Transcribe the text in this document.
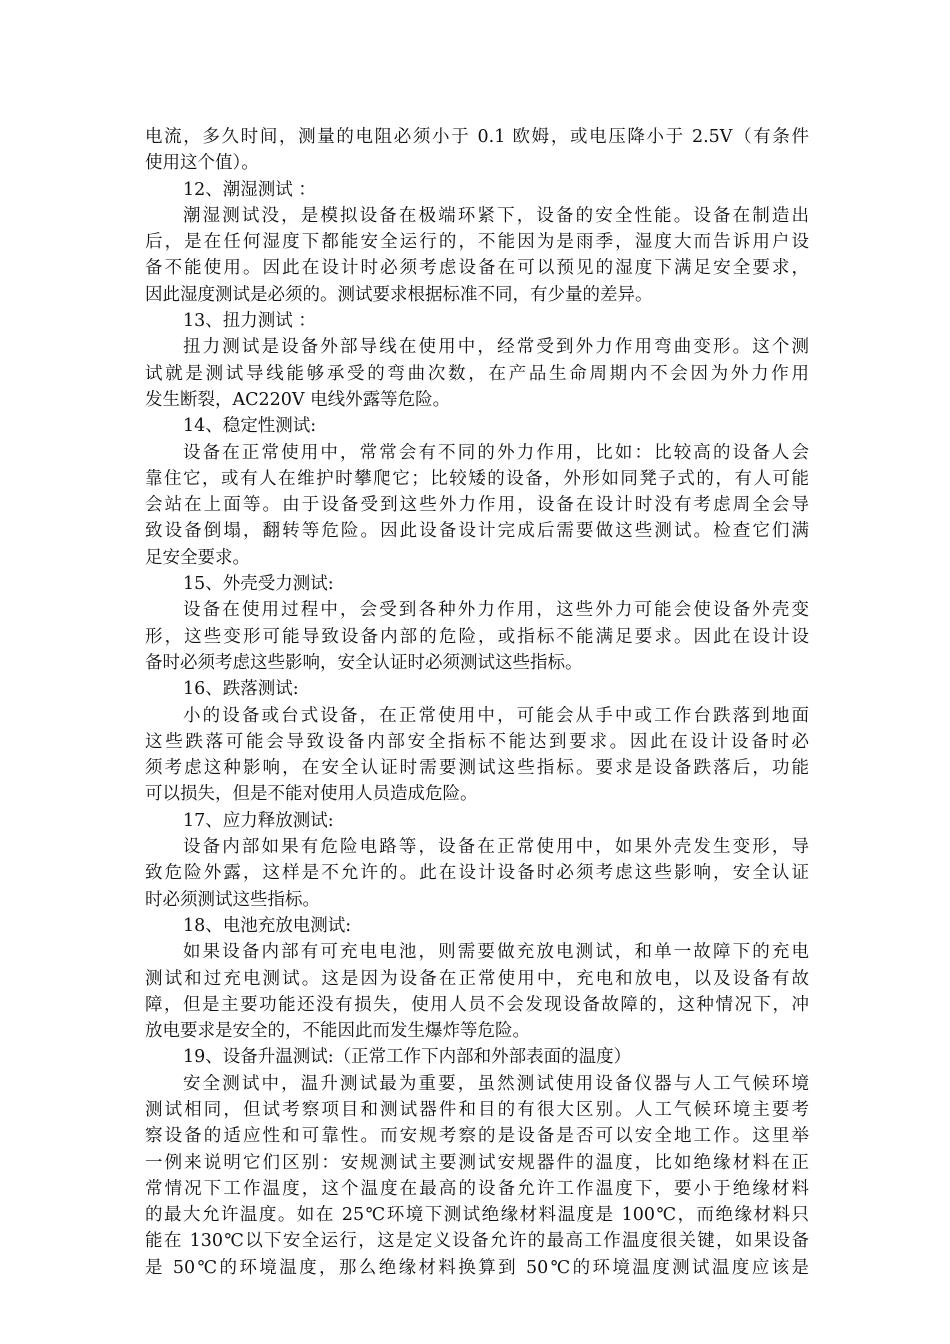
电流，多久时间，测量的电阻必须小于 0.1 欧姆，或电压降小于 2.5V（有条件
使用这个值）。
12、潮湿测试 ：
潮湿测试没，是模拟设备在极端环紧下，设备的安全性能。设备在制造出
后，是在任何湿度下都能安全运行的，不能因为是雨季，湿度大而告诉用户设
备不能使用。因此在设计时必须考虑设备在可以预见的湿度下满足安全要求，
因此湿度测试是必须的。测试要求根据标准不同，有少量的差异。
13、扭力测试 ：
扭力测试是设备外部导线在使用中，经常受到外力作用弯曲变形。这个测
试就是测试导线能够承受的弯曲次数，在产品生命周期内不会因为外力作用
发生断裂，AC220V 电线外露等危险。
14、稳定性测试:
设备在正常使用中，常常会有不同的外力作用，比如：比较高的设备人会
靠住它，或有人在维护时攀爬它；比较矮的设备，外形如同凳子式的，有人可能
会站在上面等。由于设备受到这些外力作用，设备在设计时没有考虑周全会导
致设备倒塌，翻转等危险。因此设备设计完成后需要做这些测试。检查它们满
足安全要求。
15、外壳受力测试:
设备在使用过程中，会受到各种外力作用，这些外力可能会使设备外壳变
形，这些变形可能导致设备内部的危险，或指标不能满足要求。因此在设计设
备时必须考虑这些影响，安全认证时必须测试这些指标。
16、跌落测试:
小的设备或台式设备，在正常使用中，可能会从手中或工作台跌落到地面
这些跌落可能会导致设备内部安全指标不能达到要求。因此在设计设备时必
须考虑这种影响，在安全认证时需要测试这些指标。要求是设备跌落后，功能
可以损失，但是不能对使用人员造成危险。
17、应力释放测试:
设备内部如果有危险电路等，设备在正常使用中，如果外壳发生变形，导
致危险外露，这样是不允许的。此在设计设备时必须考虑这些影响，安全认证
时必须测试这些指标。
18、电池充放电测试:
如果设备内部有可充电电池，则需要做充放电测试，和单一故障下的充电
测试和过充电测试。这是因为设备在正常使用中，充电和放电，以及设备有故
障，但是主要功能还没有损失，使用人员不会发现设备故障的，这种情况下，冲
放电要求是安全的，不能因此而发生爆炸等危险。
19、设备升温测试:（正常工作下内部和外部表面的温度）
安全测试中，温升测试最为重要，虽然测试使用设备仪器与人工气候环境
测试相同，但试考察项目和测试器件和目的有很大区别。人工气候环境主要考
察设备的适应性和可靠性。而安规考察的是设备是否可以安全地工作。这里举
一例来说明它们区别：安规测试主要测试安规器件的温度，比如绝缘材料在正
常情况下工作温度，这个温度在最高的设备允许工作温度下，要小于绝缘材料
的最大允许温度。如在 25℃环境下测试绝缘材料温度是 100℃，而绝缘材料只
能在 130℃以下安全运行，这是定义设备允许的最高工作温度很关键，如果设备
是 50℃的环境温度，那么绝缘材料换算到 50℃的环境温度测试温度应该是
